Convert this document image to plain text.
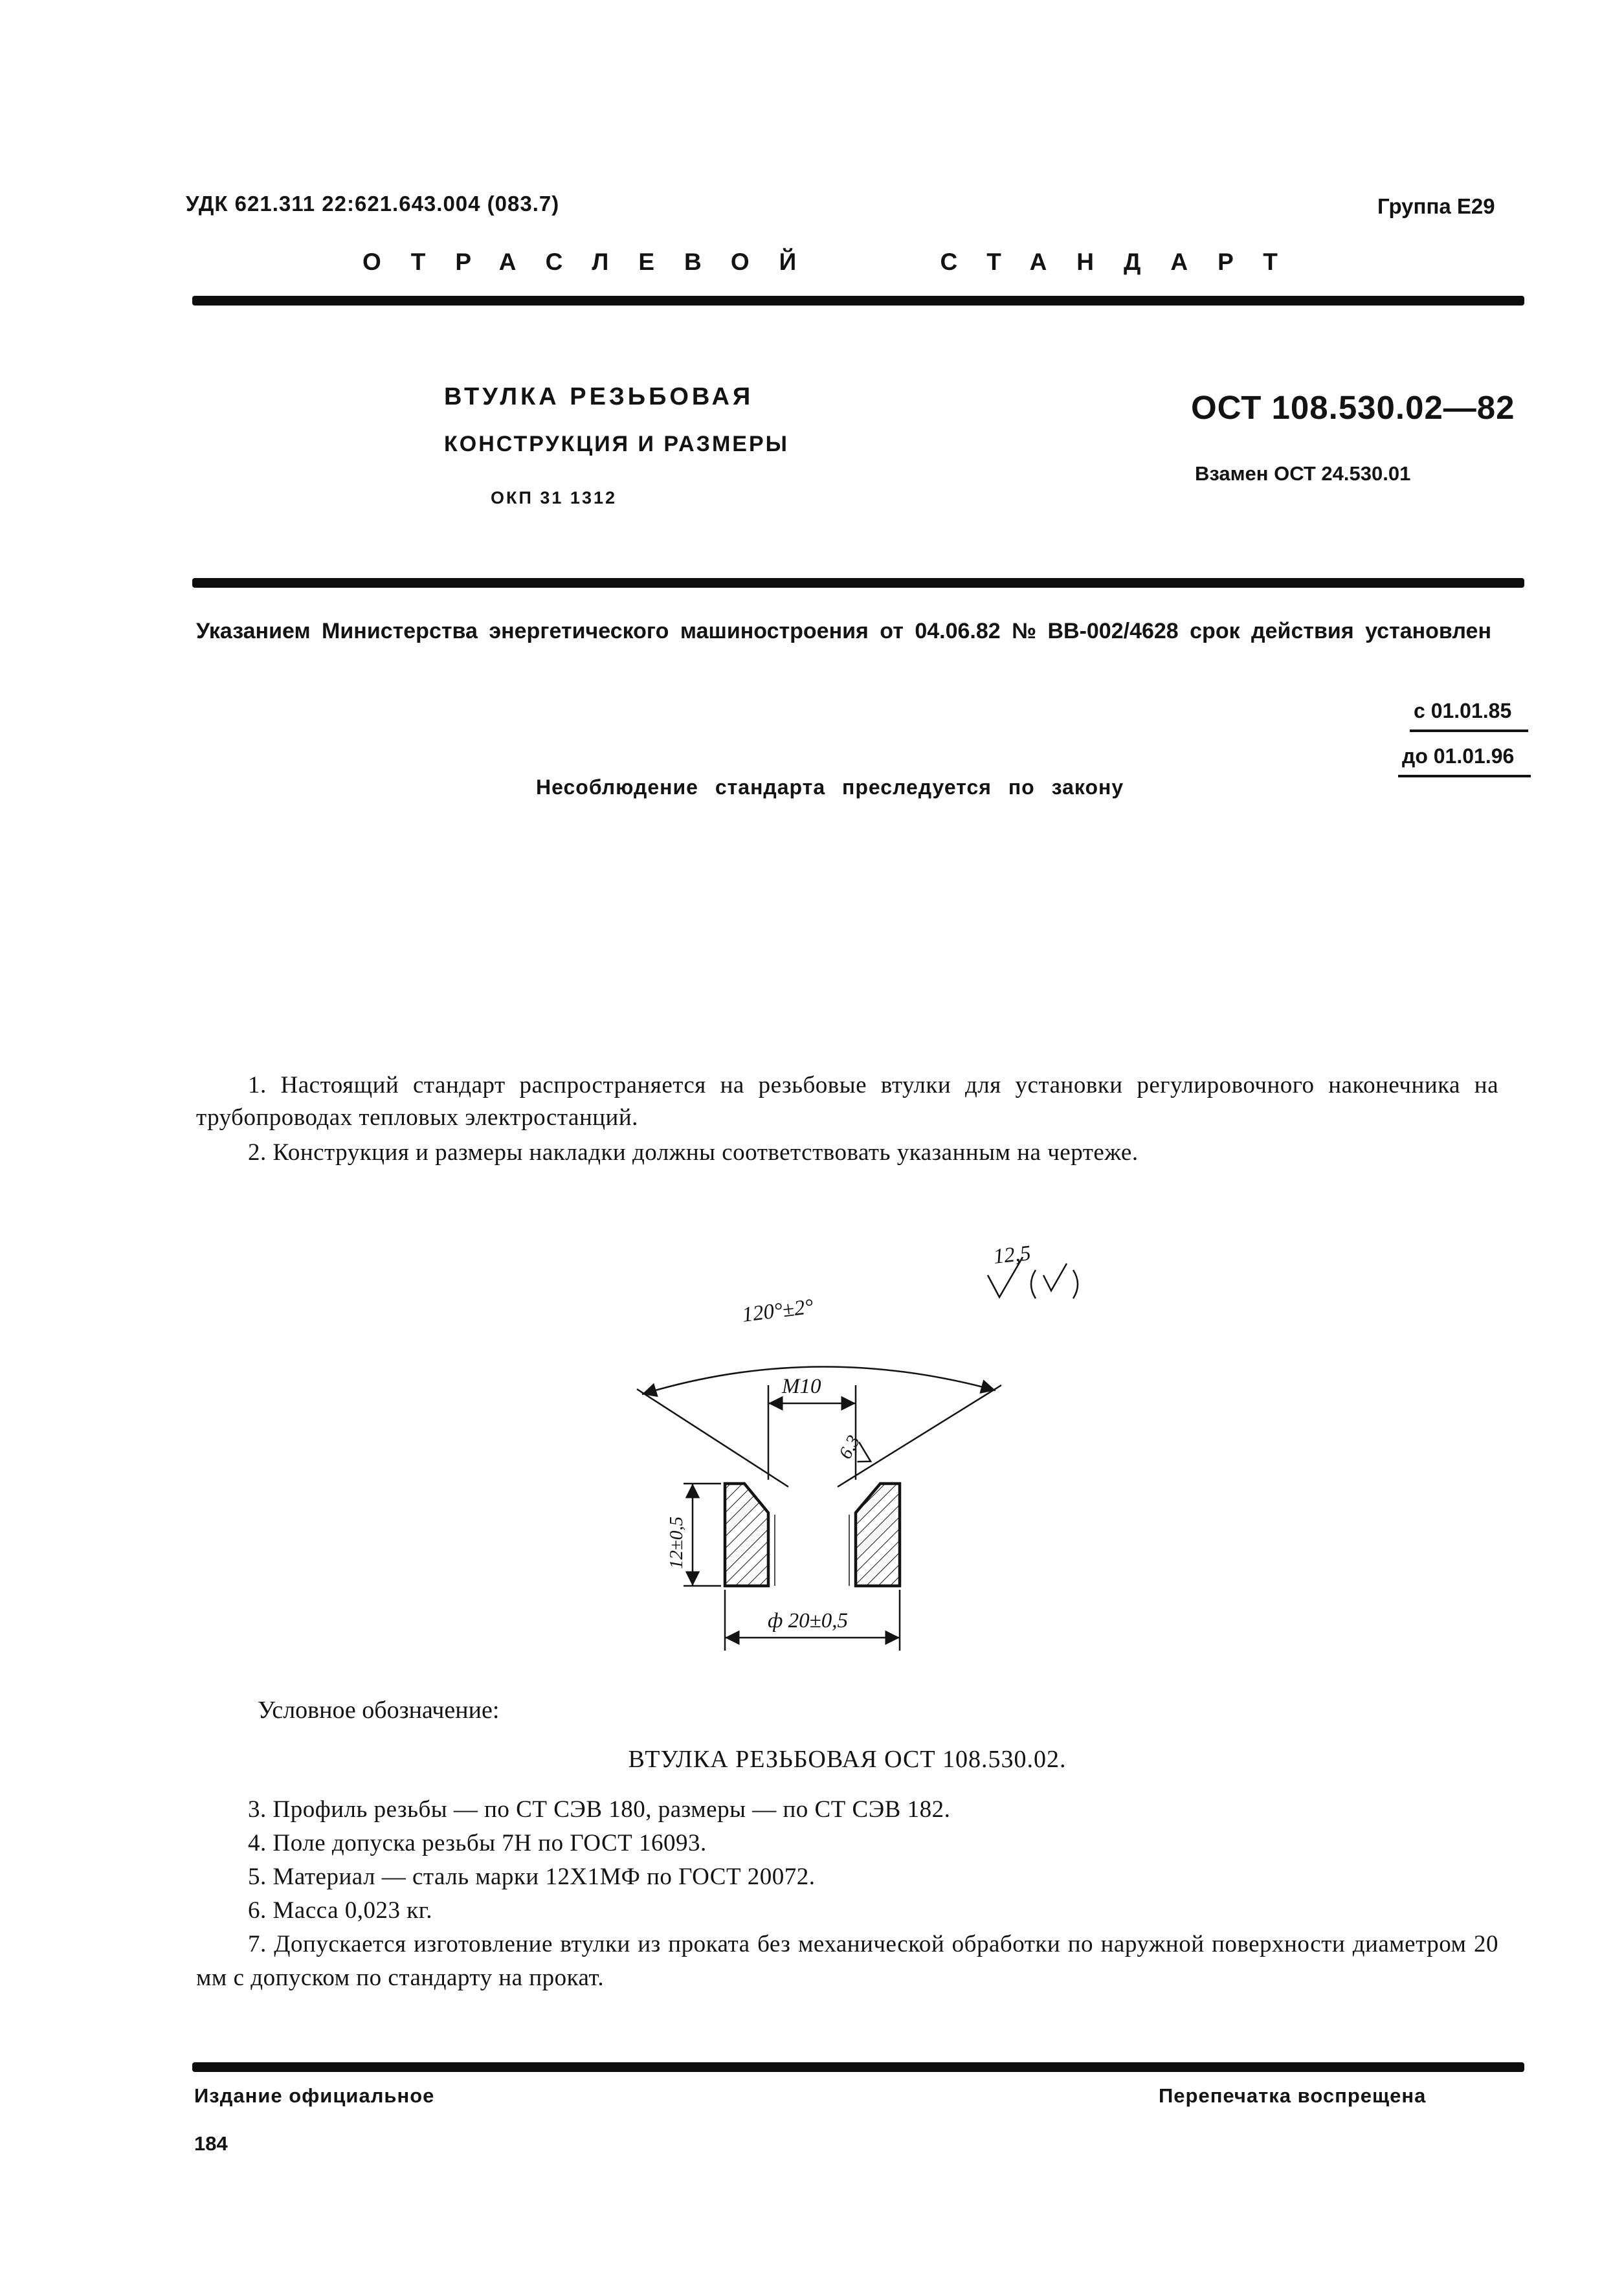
УДК 621.311 22:621.643.004 (083.7)	Группа Е29
ОТРАСЛЕВОЙ СТАНДАРТ
ВТУЛКА РЕЗЬБОВАЯ
КОНСТРУКЦИЯ И РАЗМЕРЫ
ОКП 31 1312
ОСТ 108.530.02—82
Взамен ОСТ 24.530.01
Указанием Министерства энергетического машиностроения от 04.06.82 № ВВ-002/4628 срок действия установлен
с 01.01.85
до 01.01.96
Несоблюдение стандарта преследуется по закону
1. Настоящий стандарт распространяется на резьбовые втулки для установки регулировочного наконечника на трубопроводах тепловых электростанций.
2. Конструкция и размеры накладки должны соответствовать указанным на чертеже.
12,5
120°±2°
М10
6,3
12±0,5
ф 20±0,5
Условное обозначение:
ВТУЛКА РЕЗЬБОВАЯ ОСТ 108.530.02.
3. Профиль резьбы — по СТ СЭВ 180, размеры — по СТ СЭВ 182.
4. Поле допуска резьбы 7Н по ГОСТ 16093.
5. Материал — сталь марки 12Х1МФ по ГОСТ 20072.
6. Масса 0,023 кг.
7. Допускается изготовление втулки из проката без механической обработки по наружной поверхности диаметром 20 мм с допуском по стандарту на прокат.
Издание официальное	Перепечатка воспрещена
184
